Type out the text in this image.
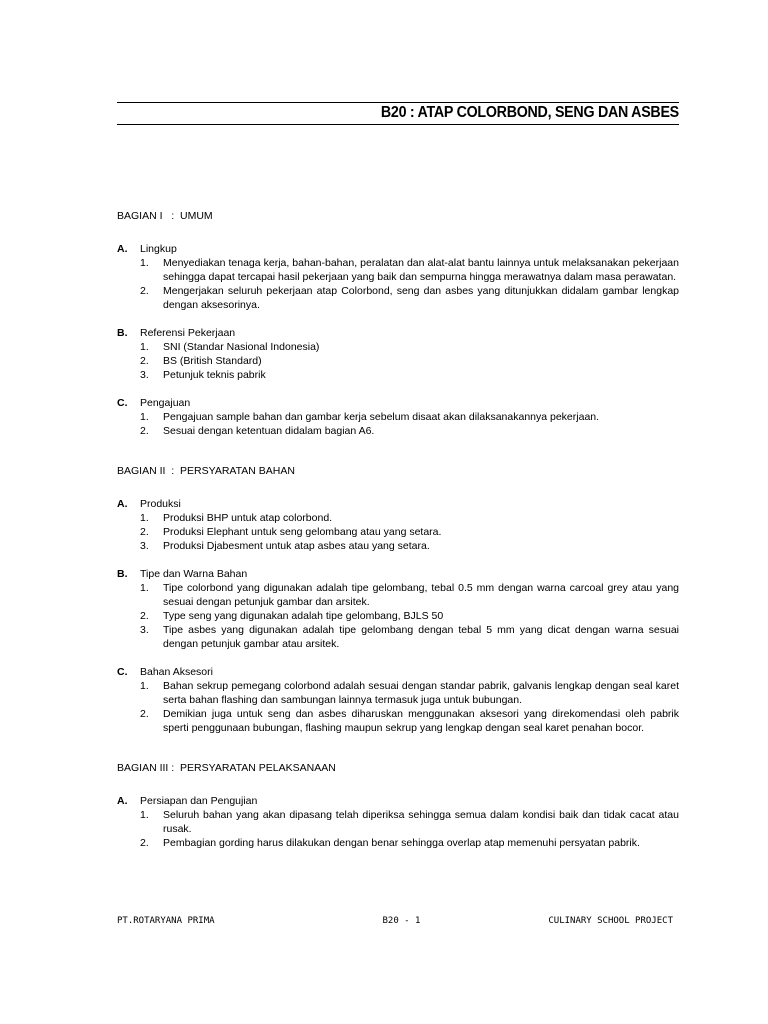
B20 : ATAP COLORBOND, SENG DAN ASBES
BAGIAN I   :  UMUM
A.	Lingkup
1.	Menyediakan tenaga kerja, bahan-bahan, peralatan dan alat-alat bantu lainnya untuk melaksanakan pekerjaan sehingga dapat tercapai hasil pekerjaan yang baik dan sempurna hingga merawatnya dalam masa perawatan.
2.	Mengerjakan seluruh pekerjaan atap Colorbond, seng dan asbes yang ditunjukkan didalam gambar lengkap dengan aksesorinya.
B.	Referensi Pekerjaan
1.	SNI (Standar Nasional Indonesia)
2.	BS (British Standard)
3.	Petunjuk teknis pabrik
C.	Pengajuan
1.	Pengajuan sample bahan dan gambar kerja sebelum disaat akan dilaksanakannya pekerjaan.
2.	Sesuai dengan ketentuan didalam bagian A6.
BAGIAN II  :  PERSYARATAN BAHAN
A.	Produksi
1.	Produksi BHP untuk atap colorbond.
2.	Produksi Elephant untuk seng gelombang atau yang setara.
3.	Produksi Djabesment untuk atap asbes atau yang setara.
B.	Tipe dan Warna Bahan
1.	Tipe colorbond yang digunakan adalah tipe gelombang, tebal 0.5 mm dengan warna carcoal grey atau yang sesuai dengan petunjuk gambar dan arsitek.
2.	Type seng yang digunakan adalah tipe gelombang, BJLS 50
3.	Tipe asbes yang digunakan adalah tipe gelombang dengan tebal 5 mm yang dicat dengan warna sesuai dengan petunjuk gambar atau arsitek.
C.	Bahan Aksesori
1.	Bahan sekrup pemegang colorbond adalah sesuai dengan standar pabrik, galvanis lengkap dengan seal karet serta bahan flashing dan sambungan lainnya termasuk juga untuk bubungan.
2.	Demikian juga untuk seng dan asbes diharuskan menggunakan aksesori yang direkomendasi oleh pabrik sperti penggunaan bubungan, flashing maupun sekrup yang lengkap dengan seal karet penahan bocor.
BAGIAN III :  PERSYARATAN PELAKSANAAN
A.	Persiapan dan Pengujian
1.	Seluruh bahan yang akan dipasang telah diperiksa sehingga semua dalam kondisi baik dan tidak cacat atau rusak.
2.	Pembagian gording harus dilakukan dengan benar sehingga overlap atap memenuhi persyatan pabrik.
PT.ROTARYANA PRIMA	B20 - 1	CULINARY SCHOOL PROJECT
